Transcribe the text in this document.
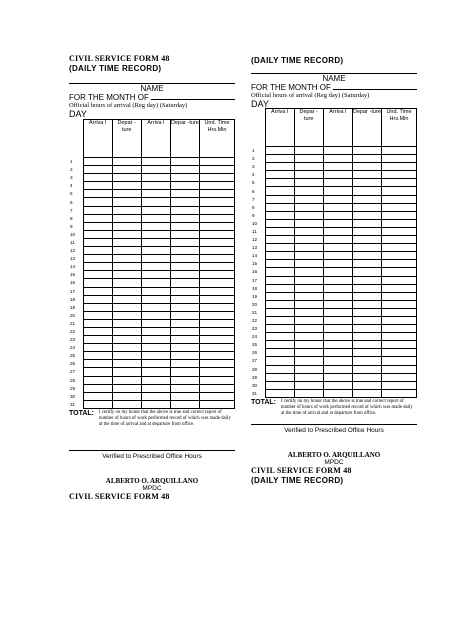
CIVIL SERVICE FORM 48
(DAILY TIME RECORD)
NAME
FOR THE MONTH OF
Official hours of arrival (Reg day) (Saturday)
DAY
	Arriva l	Depar - ture	Arriva l	Depar -ture	Und. Time Hrs.Min
1					
2					
3					
4					
5					
6					
7					
8					
9					
10					
11					
12					
13					
14					
15					
16					
17					
18					
19					
20					
21					
22					
23					
24					
25					
26					
27					
28					
29					
30					
31					
TOTAL:	I certify on my honor that the above is true and correct report of number of hours of work performed record of which was made daily at the time of arrival and at departure from office.
Verified to Prescribed Office Hours
ALBERTO O. ARQUILLANO
MPDC
CIVIL SERVICE FORM 48
(DAILY TIME RECORD)
NAME
FOR THE MONTH OF
Official hours of arrival (Reg day) (Saturday)
DAY
	Arriva l	Depar - ture	Arriva l	Depar -ture	Und. Time Hrs.Min
1					
2					
3					
4					
5					
6					
7					
8					
9					
10					
11					
12					
13					
14					
15					
16					
17					
18					
19					
20					
21					
22					
23					
24					
25					
26					
27					
28					
29					
30					
31					
TOTAL:	I certify on my honor that the above is true and correct report of number of hours of work performed record of which was made daily at the time of arrival and at departure from office.
Verified to Prescribed Office Hours
ALBERTO O. ARQUILLANO
MPDC
CIVIL SERVICE FORM 48
(DAILY TIME RECORD)
